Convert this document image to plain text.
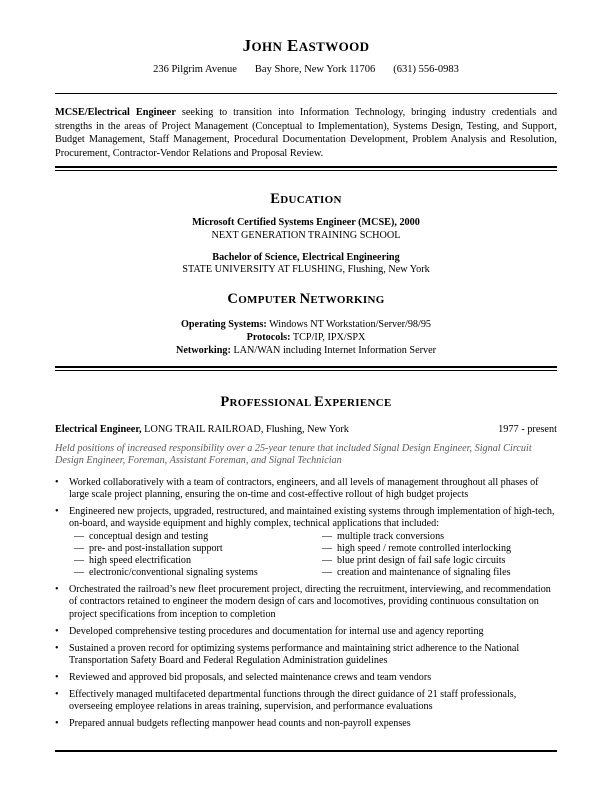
JOHN EASTWOOD
236 Pilgrim Avenue Bay Shore, New York 11706 (631) 556-0983
MCSE/Electrical Engineer seeking to transition into Information Technology, bringing industry credentials and strengths in the areas of Project Management (Conceptual to Implementation), Systems Design, Testing, and Support, Budget Management, Staff Management, Procedural Documentation Development, Problem Analysis and Resolution, Procurement, Contractor-Vendor Relations and Proposal Review.
EDUCATION
Microsoft Certified Systems Engineer (MCSE), 2000
NEXT GENERATION TRAINING SCHOOL
Bachelor of Science, Electrical Engineering
STATE UNIVERSITY AT FLUSHING, Flushing, New York
COMPUTER NETWORKING
Operating Systems: Windows NT Workstation/Server/98/95
Protocols: TCP/IP, IPX/SPX
Networking: LAN/WAN including Internet Information Server
PROFESSIONAL EXPERIENCE
Electrical Engineer, LONG TRAIL RAILROAD, Flushing, New York	1977 - present
Held positions of increased responsibility over a 25-year tenure that included Signal Design Engineer, Signal Circuit Design Engineer, Foreman, Assistant Foreman, and Signal Technician
• Worked collaboratively with a team of contractors, engineers, and all levels of management throughout all phases of large scale project planning, ensuring the on-time and cost-effective rollout of high budget projects
• Engineered new projects, upgraded, restructured, and maintained existing systems through implementation of high-tech, on-board, and wayside equipment and highly complex, technical applications that included:
— conceptual design and testing	— multiple track conversions
— pre- and post-installation support	— high speed / remote controlled interlocking
— high speed electrification	— blue print design of fail safe logic circuits
— electronic/conventional signaling systems	— creation and maintenance of signaling files
• Orchestrated the railroad’s new fleet procurement project, directing the recruitment, interviewing, and recommendation of contractors retained to engineer the modern design of cars and locomotives, providing continuous consultation on project specifications from inception to completion
• Developed comprehensive testing procedures and documentation for internal use and agency reporting
• Sustained a proven record for optimizing systems performance and maintaining strict adherence to the National Transportation Safety Board and Federal Regulation Administration guidelines
• Reviewed and approved bid proposals, and selected maintenance crews and team vendors
• Effectively managed multifaceted departmental functions through the direct guidance of 21 staff professionals, overseeing employee relations in areas training, supervision, and performance evaluations
• Prepared annual budgets reflecting manpower head counts and non-payroll expenses
